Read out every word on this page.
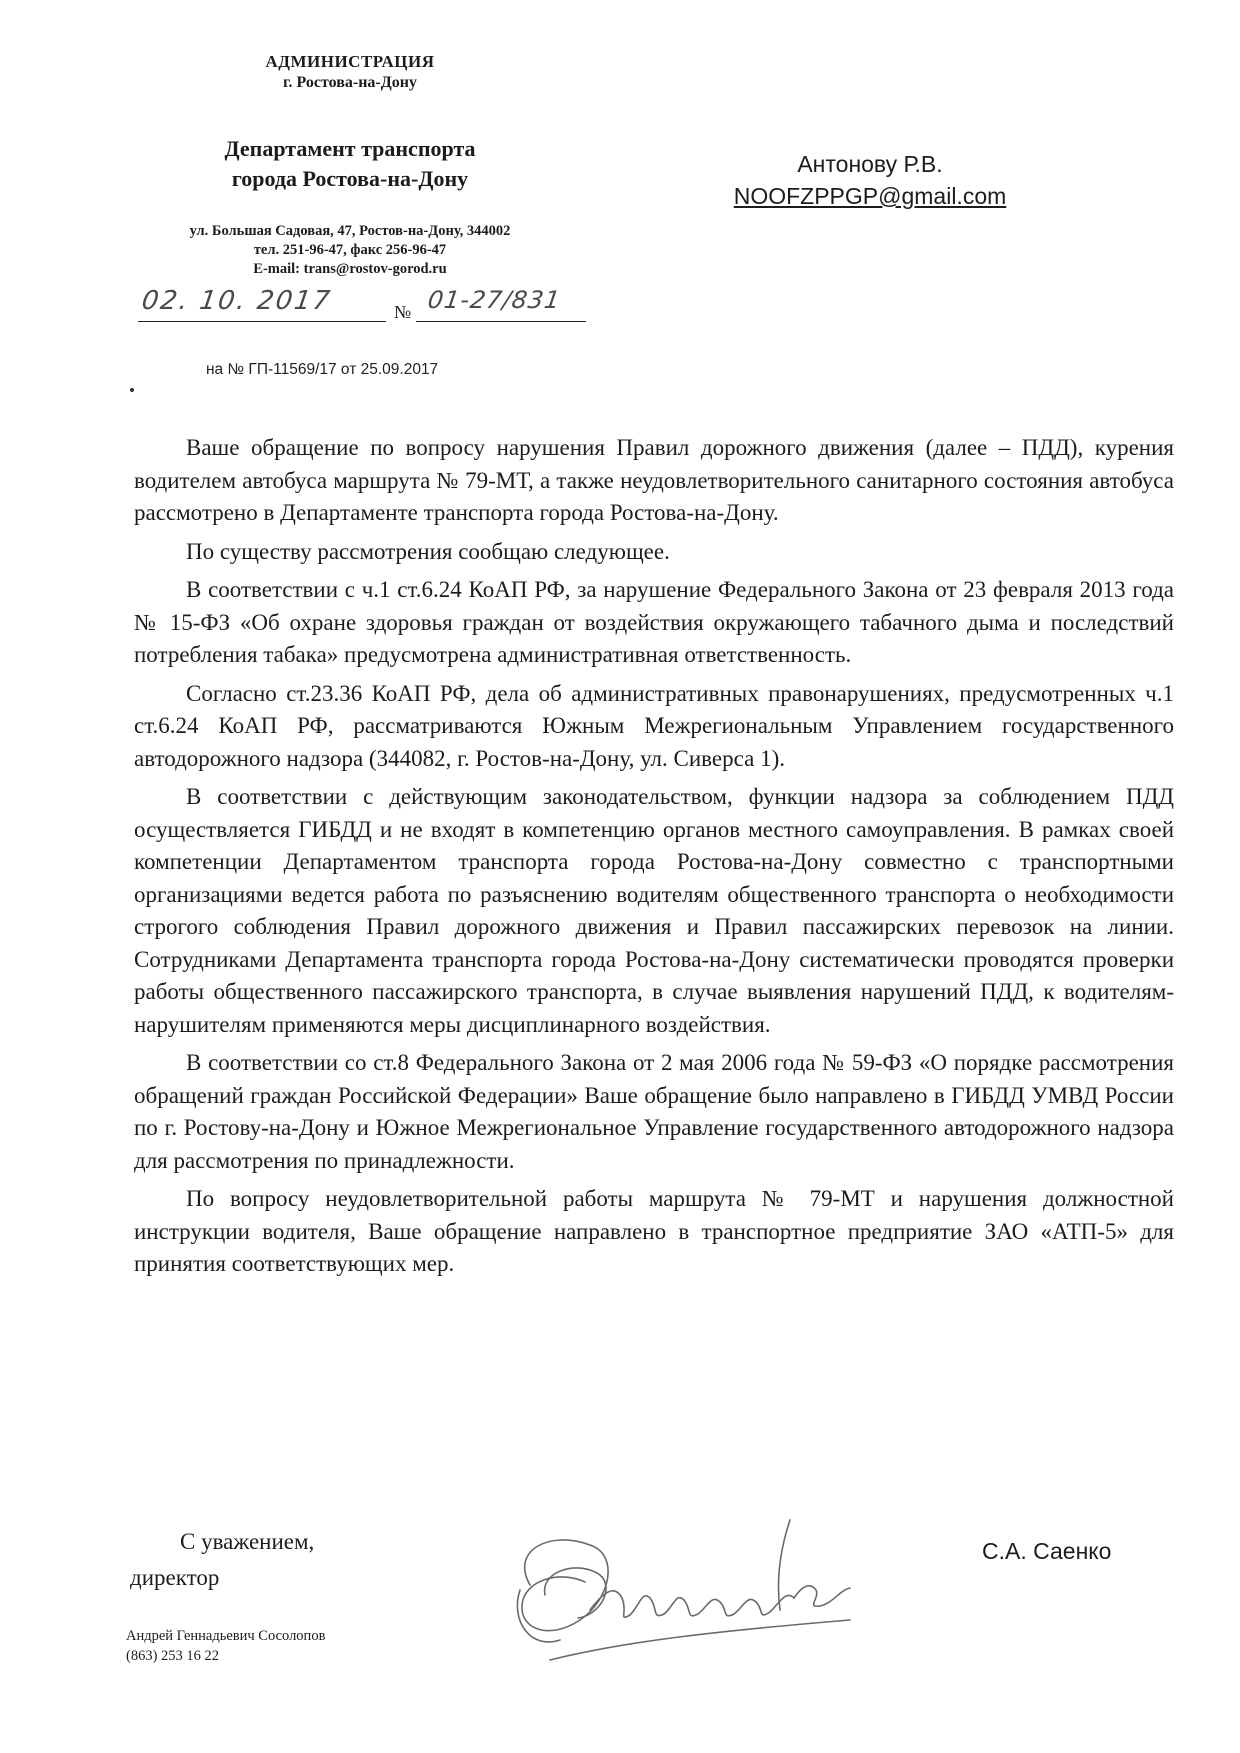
АДМИНИСТРАЦИЯ
г. Ростова-на-Дону
Департамент транспорта
города Ростова-на-Дону
ул. Большая Садовая, 47, Ростов-на-Дону, 344002
тел. 251-96-47, факс 256-96-47
E-mail: trans@rostov-gorod.ru
02. 10. 2017	№ 01-27/831
на № ГП-11569/17 от 25.09.2017
Антонову Р.В.
NOOFZPPGP@gmail.com

Ваше обращение по вопросу нарушения Правил дорожного движения (далее – ПДД), курения водителем автобуса маршрута № 79-МТ, а также неудовлетворительного санитарного состояния автобуса рассмотрено в Департаменте транспорта города Ростова-на-Дону.

По существу рассмотрения сообщаю следующее.

В соответствии с ч.1 ст.6.24 КоАП РФ, за нарушение Федерального Закона от 23 февраля 2013 года № 15-ФЗ «Об охране здоровья граждан от воздействия окружающего табачного дыма и последствий потребления табака» предусмотрена административная ответственность.

Согласно ст.23.36 КоАП РФ, дела об административных правонарушениях, предусмотренных ч.1 ст.6.24 КоАП РФ, рассматриваются Южным Межрегиональным Управлением государственного автодорожного надзора (344082, г. Ростов-на-Дону, ул. Сиверса 1).

В соответствии с действующим законодательством, функции надзора за соблюдением ПДД осуществляется ГИБДД и не входят в компетенцию органов местного самоуправления. В рамках своей компетенции Департаментом транспорта города Ростова-на-Дону совместно с транспортными организациями ведется работа по разъяснению водителям общественного транспорта о необходимости строгого соблюдения Правил дорожного движения и Правил пассажирских перевозок на линии. Сотрудниками Департамента транспорта города Ростова-на-Дону систематически проводятся проверки работы общественного пассажирского транспорта, в случае выявления нарушений ПДД, к водителям-нарушителям применяются меры дисциплинарного воздействия.

В соответствии со ст.8 Федерального Закона от 2 мая 2006 года № 59-ФЗ «О порядке рассмотрения обращений граждан Российской Федерации» Ваше обращение было направлено в ГИБДД УМВД России по г. Ростову-на-Дону и Южное Межрегиональное Управление государственного автодорожного надзора для рассмотрения по принадлежности.

По вопросу неудовлетворительной работы маршрута № 79-МТ и нарушения должностной инструкции водителя, Ваше обращение направлено в транспортное предприятие ЗАО «АТП-5» для принятия соответствующих мер.

С уважением,
директор
С.А. Саенко
Андрей Геннадьевич Сосолопов
(863) 253 16 22
